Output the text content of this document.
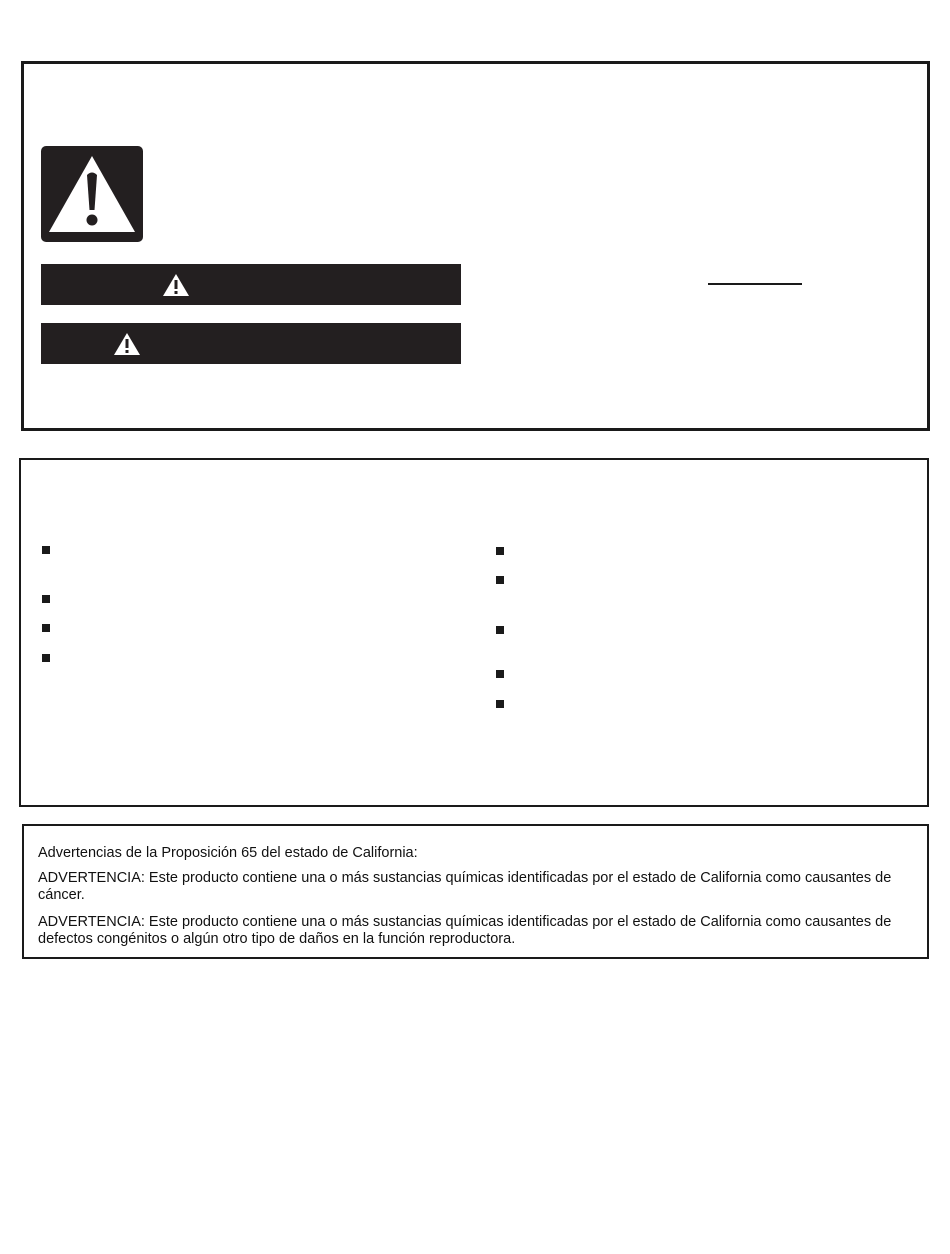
Advertencias de la Proposición 65 del estado de California:
ADVERTENCIA: Este producto contiene una o más sustancias químicas identificadas por el estado de California como causantes de cáncer.
ADVERTENCIA: Este producto contiene una o más sustancias químicas identificadas por el estado de California como causantes de defectos congénitos o algún otro tipo de daños en la función reproductora.
